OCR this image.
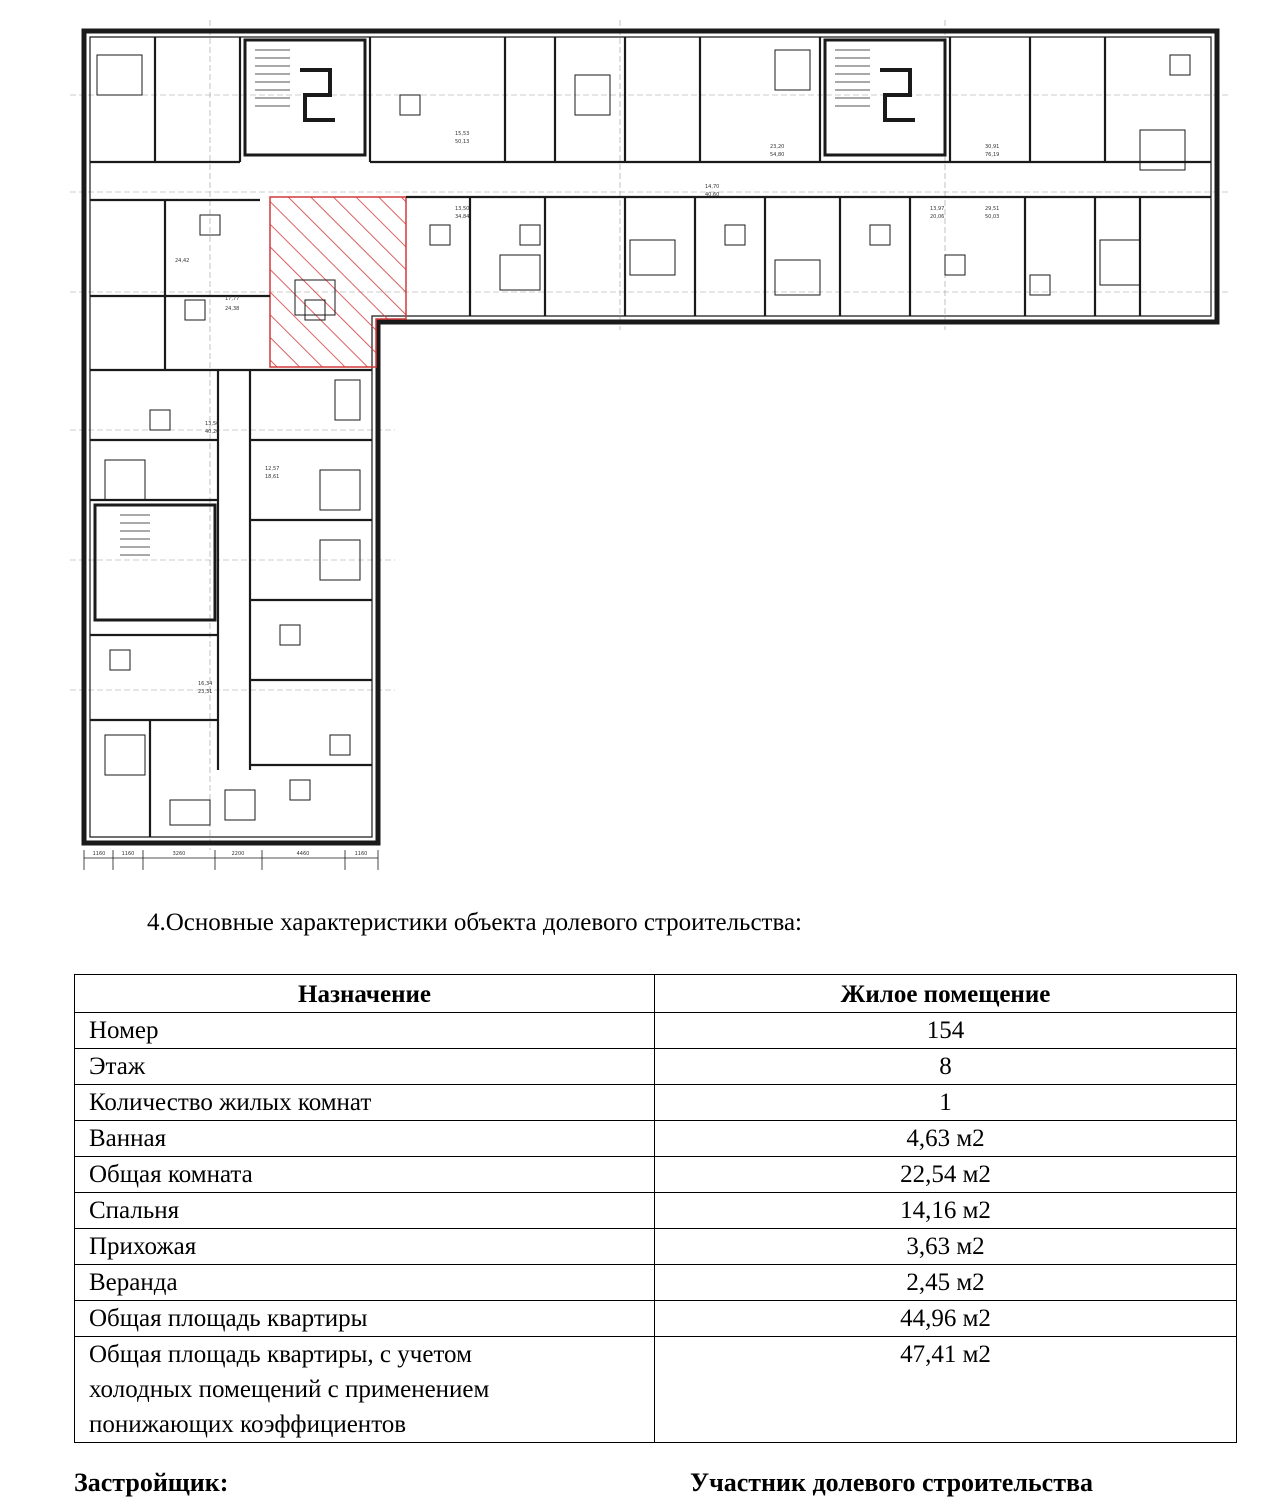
13,50
34,84
15,53
50,13
17,77
24,42
24,38
13,50
40,20
12,57
18,61
16,34
23,31
14,70
40,60
23,20
54,80
30,91
76,19
29,51
50,03
13,97
20,06
1160	1160	3260	2200	4460	1160
4.Основные характеристики объекта долевого строительства:
Назначение	Жилое помещение
Номер	154
Этаж	8
Количество жилых комнат	1
Ванная	4,63 м2
Общая комната	22,54 м2
Спальня	14,16 м2
Прихожая	3,63 м2
Веранда	2,45 м2
Общая площадь квартиры	44,96 м2
Общая площадь квартиры, с учетом холодных помещений с применением понижающих коэффициентов	47,41 м2
Застройщик:	Участник долевого строительства
